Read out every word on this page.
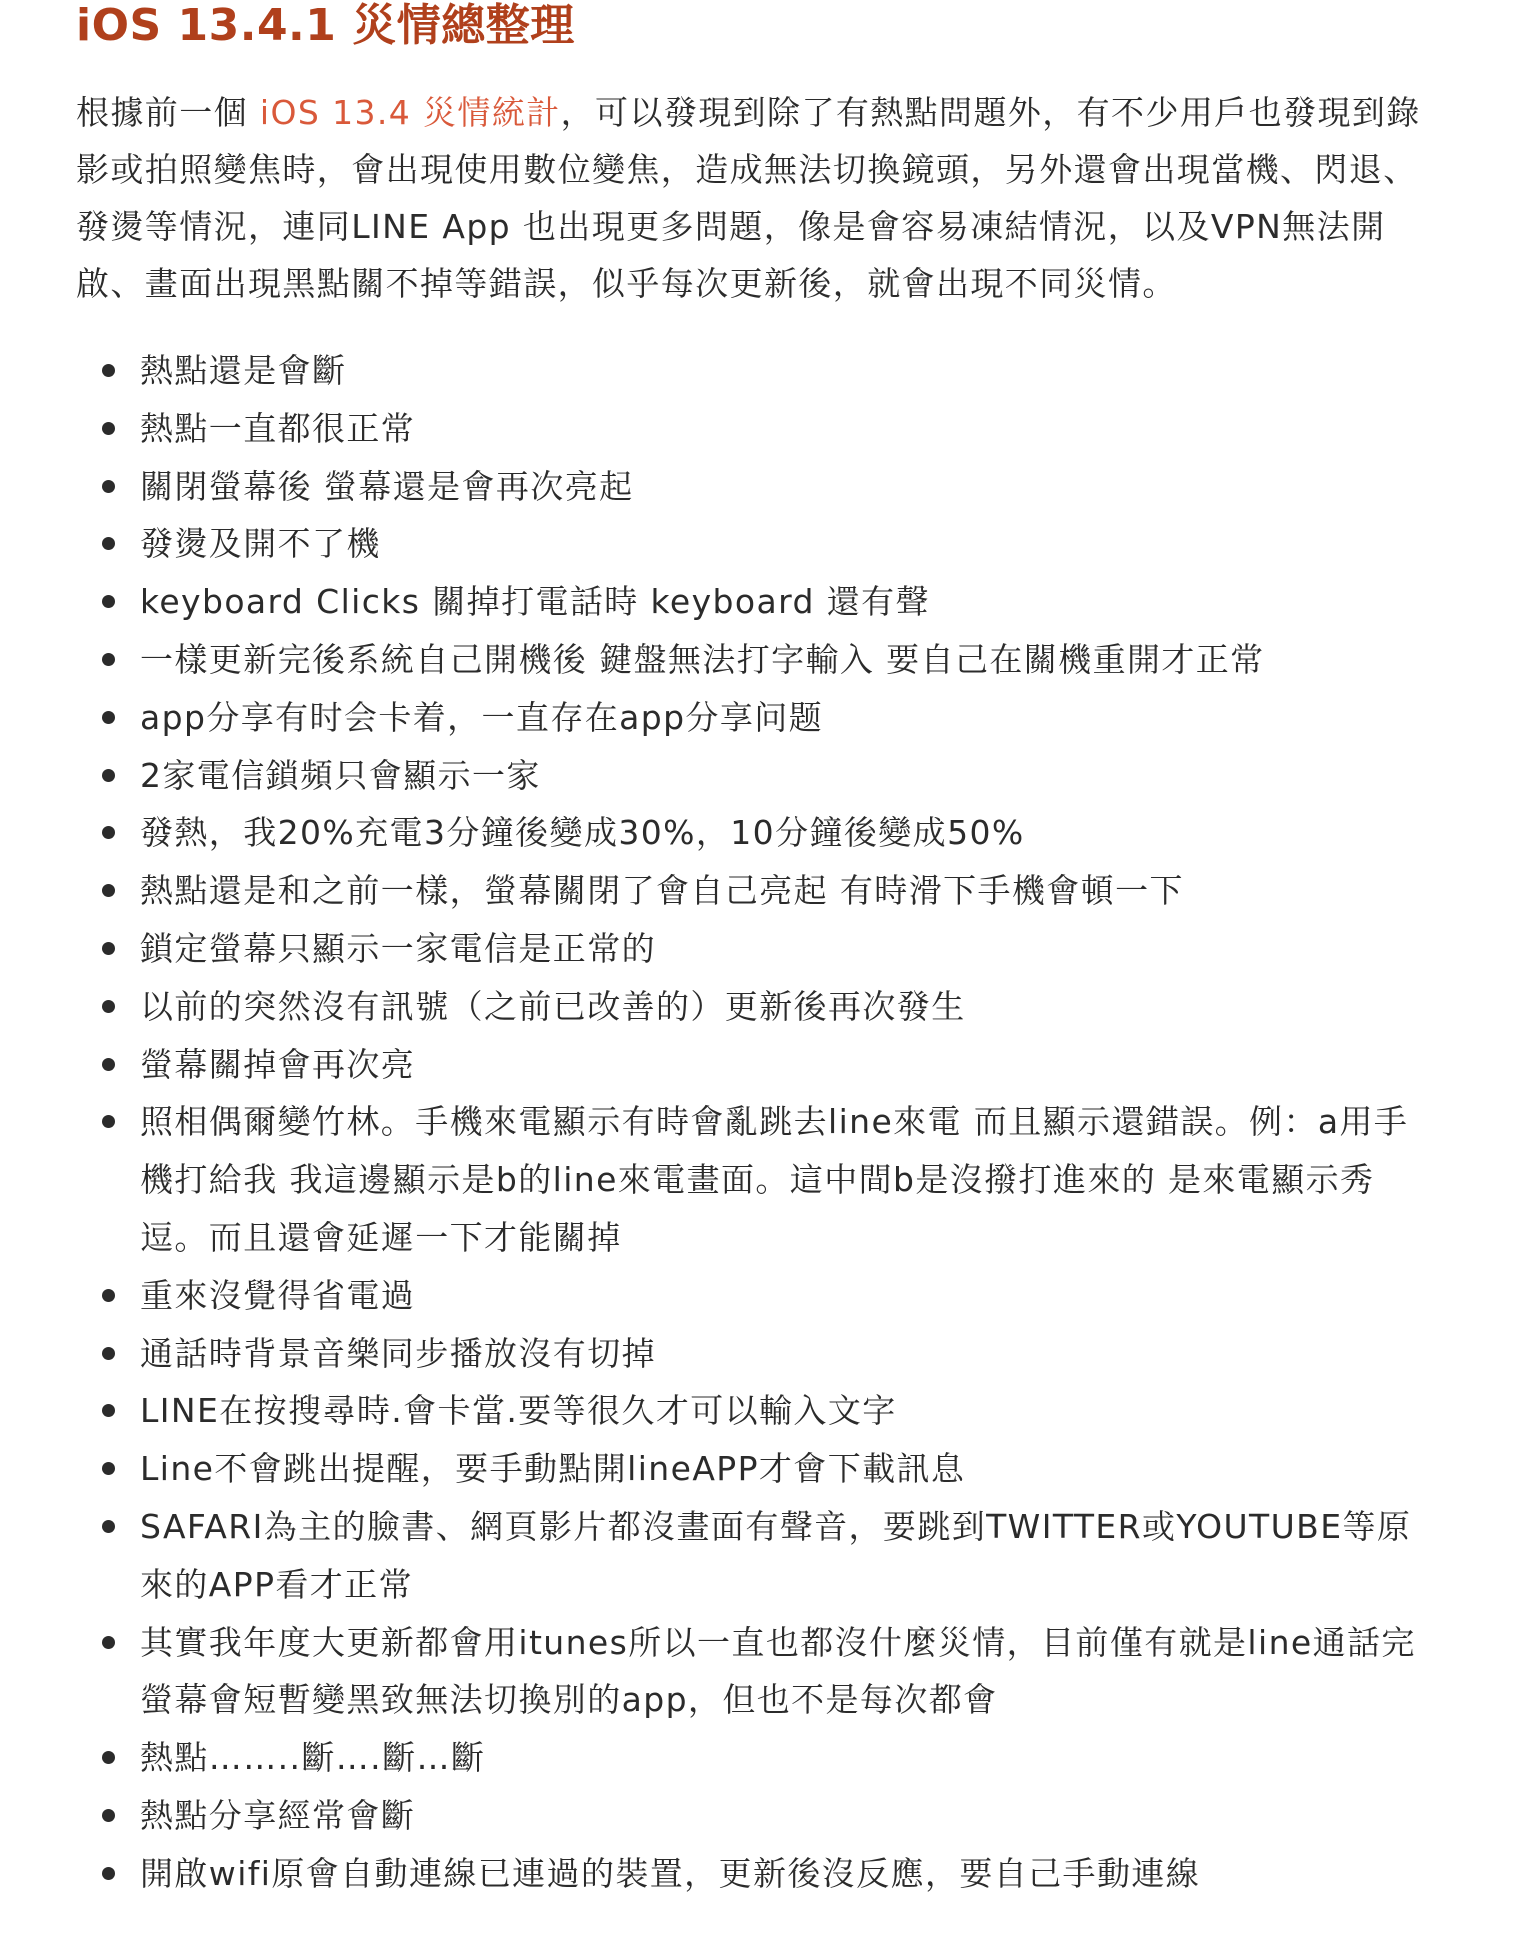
iOS 13.4.1 災情總整理

根據前一個 iOS 13.4 災情統計，可以發現到除了有熱點問題外，有不少用戶也發現到錄影或拍照變焦時，會出現使用數位變焦，造成無法切換鏡頭，另外還會出現當機、閃退、發燙等情況，連同LINE App 也出現更多問題，像是會容易凍結情況，以及VPN無法開啟、畫面出現黑點關不掉等錯誤，似乎每次更新後，就會出現不同災情。

熱點還是會斷
熱點一直都很正常
關閉螢幕後 螢幕還是會再次亮起
發燙及開不了機
keyboard Clicks 關掉打電話時 keyboard 還有聲
一樣更新完後系統自己開機後 鍵盤無法打字輸入 要自己在關機重開才正常
app分享有时会卡着，一直存在app分享问题
2家電信鎖頻只會顯示一家
發熱，我20%充電3分鐘後變成30%，10分鐘後變成50%
熱點還是和之前一樣，螢幕關閉了會自己亮起 有時滑下手機會頓一下
鎖定螢幕只顯示一家電信是正常的
以前的突然沒有訊號（之前已改善的）更新後再次發生
螢幕關掉會再次亮
照相偶爾變竹林。手機來電顯示有時會亂跳去line來電 而且顯示還錯誤。例：a用手機打給我 我這邊顯示是b的line來電畫面。這中間b是沒撥打進來的 是來電顯示秀逗。而且還會延遲一下才能關掉
重來沒覺得省電過
通話時背景音樂同步播放沒有切掉
LINE在按搜尋時.會卡當.要等很久才可以輸入文字
Line不會跳出提醒，要手動點開lineAPP才會下載訊息
SAFARI為主的臉書、網頁影片都沒畫面有聲音，要跳到TWITTER或YOUTUBE等原來的APP看才正常
其實我年度大更新都會用itunes所以一直也都沒什麼災情，目前僅有就是line通話完螢幕會短暫變黑致無法切換別的app，但也不是每次都會
熱點……..斷….斷…斷
熱點分享經常會斷
開啟wifi原會自動連線已連過的裝置，更新後沒反應，要自己手動連線
